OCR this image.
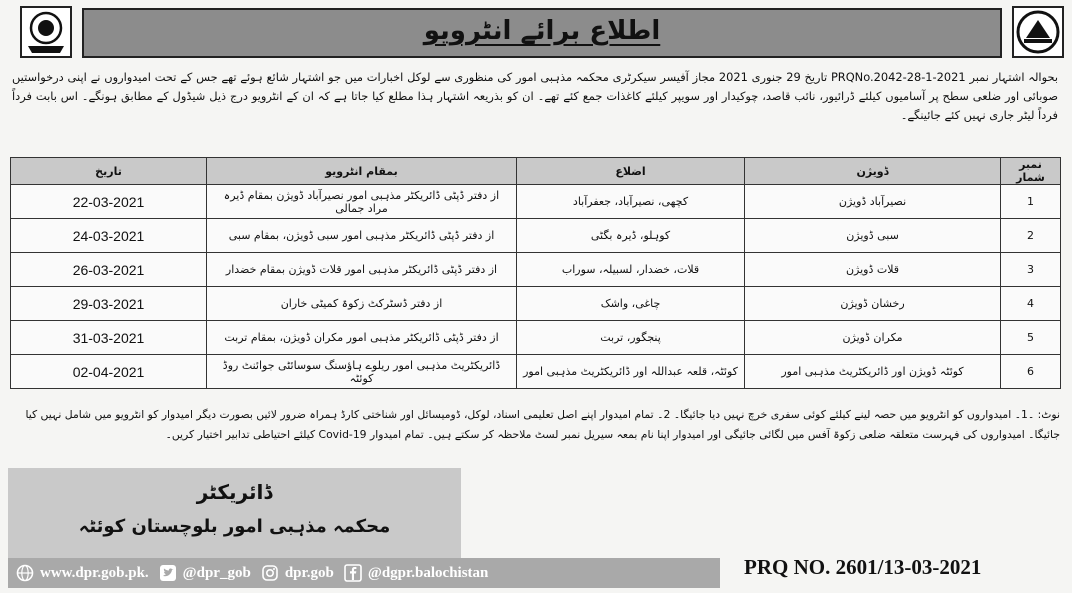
اطلاع برائے انٹرویو
بحوالہ اشتہار نمبر PRQNo.2042-28-1-2021 تاریخ 29 جنوری 2021 مجاز آفیسر سیکرٹری محکمہ مذہبی امور کی منظوری سے لوکل اخبارات میں جو اشتہار شائع ہوئے تھے جس کے تحت امیدواروں نے اپنی درخواستیں صوبائی اور ضلعی سطح پر آسامیوں کیلئے ڈرائیور، نائب قاصد، چوکیدار اور سویپر کیلئے کاغذات جمع کئے تھے۔ ان کو بذریعہ اشتہار ہذا مطلع کیا جاتا ہے کہ ان کے انٹرویو درج ذیل شیڈول کے مطابق ہونگے۔ اس بابت فرداً فرداً لیٹر جاری نہیں کئے جائینگے۔
تاریخ	بمقام انٹرویو	اضلاع	ڈویژن	نمبر شمار
22-03-2021	از دفتر ڈپٹی ڈائریکٹر مذہبی امور نصیرآباد ڈویژن بمقام ڈیرہ مراد جمالی	کچھی، نصیرآباد، جعفرآباد	نصیرآباد ڈویژن	1
24-03-2021	از دفتر ڈپٹی ڈائریکٹر مذہبی امور سبی ڈویژن، بمقام سبی	کوہلو، ڈیرہ بگٹی	سبی ڈویژن	2
26-03-2021	از دفتر ڈپٹی ڈائریکٹر مذہبی امور قلات ڈویژن بمقام خضدار	قلات، خضدار، لسبیلہ، سوراب	قلات ڈویژن	3
29-03-2021	از دفتر ڈسٹرکٹ زکوۃ کمیٹی خاران	چاغی، واشک	رخشان ڈویژن	4
31-03-2021	از دفتر ڈپٹی ڈائریکٹر مذہبی امور مکران ڈویژن، بمقام تربت	پنجگور، تربت	مکران ڈویژن	5
02-04-2021	ڈائریکٹریٹ مذہبی امور ریلوے ہاؤسنگ سوسائٹی جوائنٹ روڈ کوئٹہ	کوئٹہ، قلعہ عبداللہ اور ڈائریکٹریٹ مذہبی امور	کوئٹہ ڈویژن اور ڈائریکٹریٹ مذہبی امور	6
نوٹ: ۔1۔ امیدواروں کو انٹرویو میں حصہ لینے کیلئے کوئی سفری خرچ نہیں دیا جائیگا۔ 2۔ تمام امیدوار اپنے اصل تعلیمی اسناد، لوکل، ڈومیسائل اور شناختی کارڈ ہمراہ ضرور لائیں بصورت دیگر امیدوار کو انٹرویو میں شامل نہیں کیا
جائیگا۔ امیدواروں کی فہرست متعلقہ ضلعی زکوۃ آفس میں لگائی جائیگی اور امیدوار اپنا نام بمعہ سیریل نمبر لسٹ ملاحظہ کر سکتے ہیں۔ تمام امیدوار Covid-19 کیلئے احتیاطی تدابیر اختیار کریں۔
ڈائریکٹر
محکمہ مذہبی امور بلوچستان کوئٹہ
www.dpr.gob.pk. @dpr_gob dpr.gob @dgpr.balochistan	PRQ NO. 2601/13-03-2021
